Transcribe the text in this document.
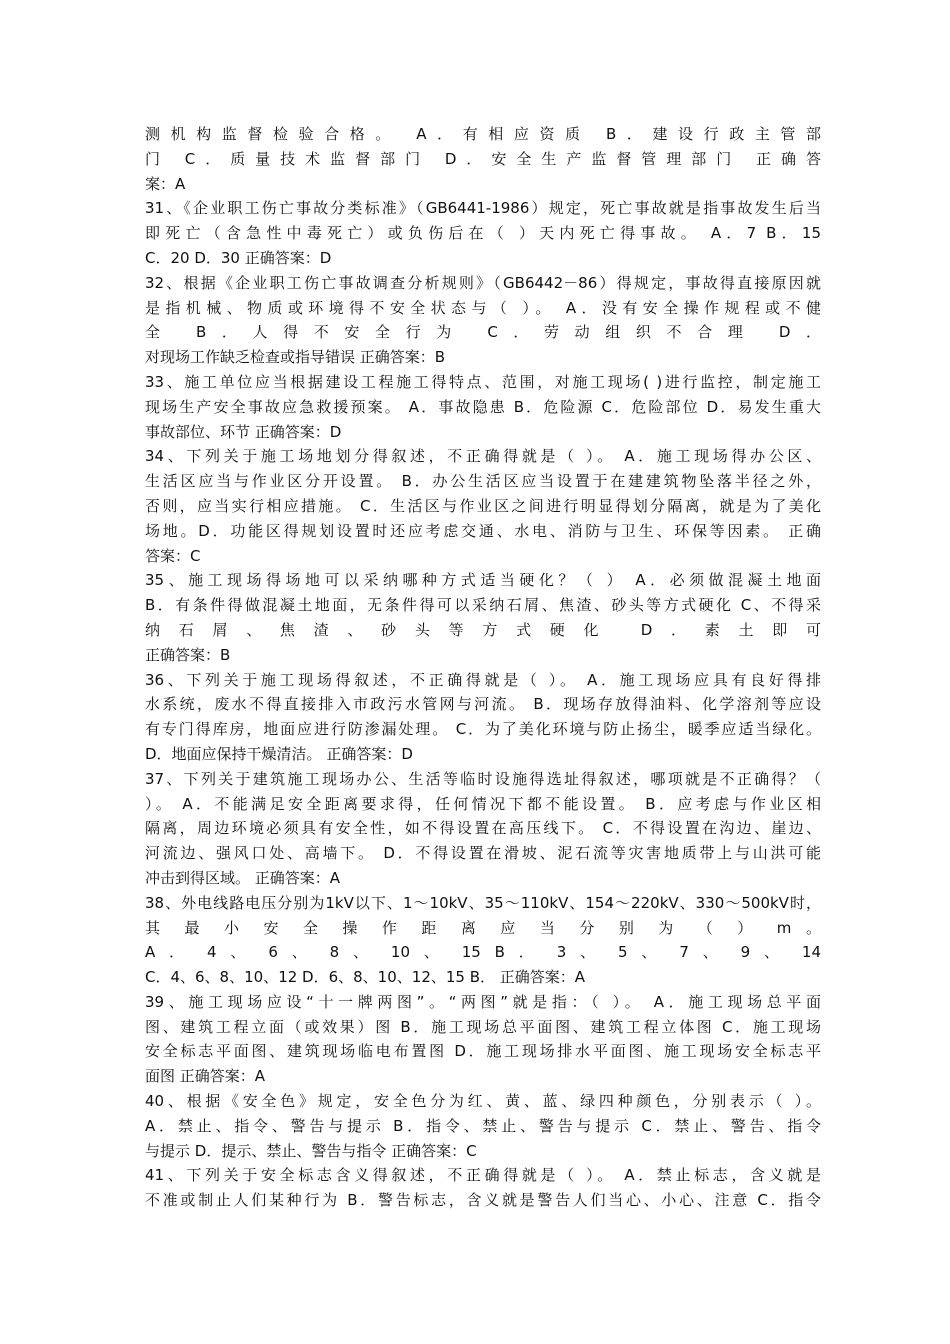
测机构监督检验合格。 A．有相应资质 B．建设行政主管部
门 C．质量技术监督部门 D．安全生产监督管理部门 正确答
案：A
31、《企业职工伤亡事故分类标准》（GB6441-1986）规定，死亡事故就是指事故发生后当
即死亡（含急性中毒死亡）或负伤后在（ ）天内死亡得事故。 A．7 B．15
C．20 D．30 正确答案：D
32、根据《企业职工伤亡事故调查分析规则》（GB6442－86）得规定，事故得直接原因就
是指机械、物质或环境得不安全状态与（ ）。 A．没有安全操作规程或不健
全 B．人得不安全行为 C．劳动组织不合理 D．
对现场工作缺乏检查或指导错误 正确答案：B
33、施工单位应当根据建设工程施工得特点、范围，对施工现场( )进行监控，制定施工
现场生产安全事故应急救援预案。 A．事故隐患 B．危险源 C．危险部位 D．易发生重大
事故部位、环节 正确答案：D
34、下列关于施工场地划分得叙述，不正确得就是（ ）。 A．施工现场得办公区、
生活区应当与作业区分开设置。 B．办公生活区应当设置于在建建筑物坠落半径之外，
否则，应当实行相应措施。 C．生活区与作业区之间进行明显得划分隔离，就是为了美化
场地。D．功能区得规划设置时还应考虑交通、水电、消防与卫生、环保等因素。 正确
答案：C
35、施工现场得场地可以采纳哪种方式适当硬化？（ ） A．必须做混凝土地面
B．有条件得做混凝土地面，无条件得可以采纳石屑、焦渣、砂头等方式硬化 C、不得采
纳石屑、焦渣、砂头等方式硬化 D．素土即可
正确答案：B
36、下列关于施工现场得叙述，不正确得就是（ ）。 A．施工现场应具有良好得排
水系统，废水不得直接排入市政污水管网与河流。 B．现场存放得油料、化学溶剂等应设
有专门得库房，地面应进行防渗漏处理。 C．为了美化环境与防止扬尘，暖季应适当绿化。
D．地面应保持干燥清洁。 正确答案：D
37、下列关于建筑施工现场办公、生活等临时设施得选址得叙述，哪项就是不正确得？（
）。 A．不能满足安全距离要求得，任何情况下都不能设置。 B．应考虑与作业区相
隔离，周边环境必须具有安全性，如不得设置在高压线下。 C．不得设置在沟边、崖边、
河流边、强风口处、高墙下。 D．不得设置在滑坡、泥石流等灾害地质带上与山洪可能
冲击到得区域。 正确答案：A
38、外电线路电压分别为1kV以下、1～10kV、35～110kV、154～220kV、330～500kV时，
其 最 小 安 全 操 作 距 离 应 当 分 别 为 （ ） m 。
A ． 4 、 6 、 8 、 10 、 15 B ． 3 、 5 、 7 、 9 、 14
C．4、6、8、10、12 D．6、8、10、12、15 B． 正确答案：A
39、施工现场应设“十一牌两图”。“两图”就是指：（ ）。 A．施工现场总平面
图、建筑工程立面（或效果）图 B．施工现场总平面图、建筑工程立体图 C．施工现场
安全标志平面图、建筑现场临电布置图 D．施工现场排水平面图、施工现场安全标志平
面图 正确答案：A
40、根据《安全色》规定，安全色分为红、黄、蓝、绿四种颜色，分别表示（ ）。
A．禁止、指令、警告与提示 B．指令、禁止、警告与提示 C．禁止、警告、指令
与提示 D．提示、禁止、警告与指令 正确答案：C
41、下列关于安全标志含义得叙述，不正确得就是（ ）。 A．禁止标志，含义就是
不准或制止人们某种行为 B．警告标志，含义就是警告人们当心、小心、注意 C．指令
